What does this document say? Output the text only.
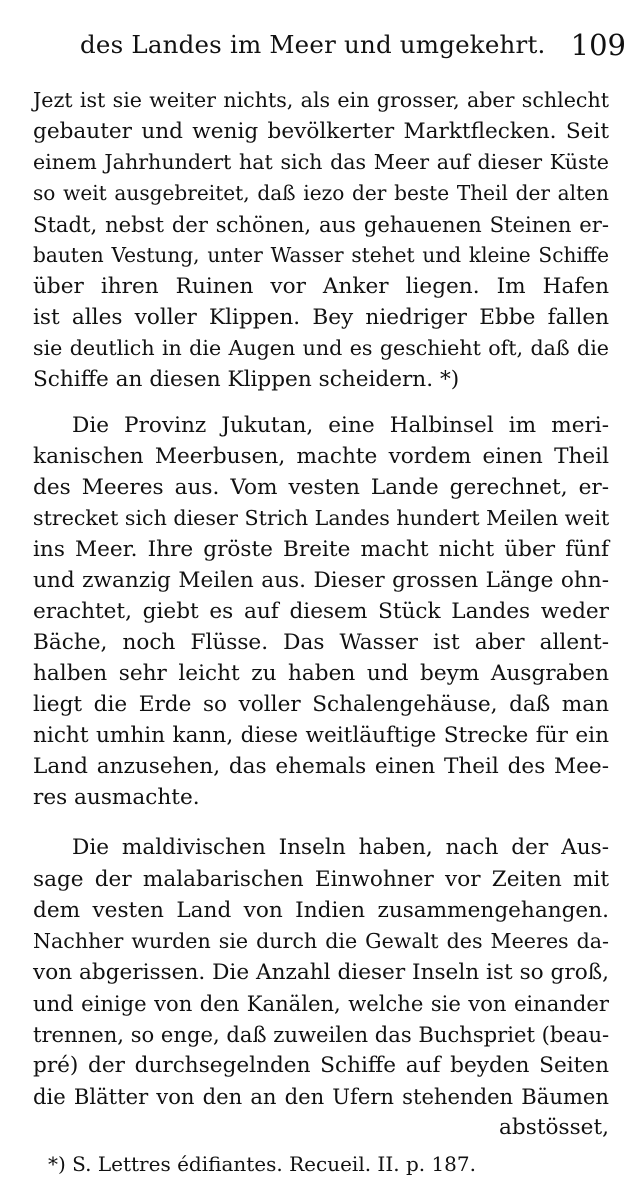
des Landes im Meer und umgekehrt. 109
Jezt ist sie weiter nichts, als ein grosser, aber schlecht
gebauter und wenig bevölkerter Marktflecken. Seit
einem Jahrhundert hat sich das Meer auf dieser Küste
so weit ausgebreitet, daß iezo der beste Theil der alten
Stadt, nebst der schönen, aus gehauenen Steinen er-
bauten Vestung, unter Wasser stehet und kleine Schiffe
über ihren Ruinen vor Anker liegen. Im Hafen
ist alles voller Klippen. Bey niedriger Ebbe fallen
sie deutlich in die Augen und es geschieht oft, daß die
Schiffe an diesen Klippen scheidern. *)
Die Provinz Jukutan, eine Halbinsel im meri-
kanischen Meerbusen, machte vordem einen Theil
des Meeres aus. Vom vesten Lande gerechnet, er-
strecket sich dieser Strich Landes hundert Meilen weit
ins Meer. Ihre gröste Breite macht nicht über fünf
und zwanzig Meilen aus. Dieser grossen Länge ohn-
erachtet, giebt es auf diesem Stück Landes weder
Bäche, noch Flüsse. Das Wasser ist aber allent-
halben sehr leicht zu haben und beym Ausgraben
liegt die Erde so voller Schalengehäuse, daß man
nicht umhin kann, diese weitläuftige Strecke für ein
Land anzusehen, das ehemals einen Theil des Mee-
res ausmachte.
Die maldivischen Inseln haben, nach der Aus-
sage der malabarischen Einwohner vor Zeiten mit
dem vesten Land von Indien zusammengehangen.
Nachher wurden sie durch die Gewalt des Meeres da-
von abgerissen. Die Anzahl dieser Inseln ist so groß,
und einige von den Kanälen, welche sie von einander
trennen, so enge, daß zuweilen das Buchspriet (beau-
pré) der durchsegelnden Schiffe auf beyden Seiten
die Blätter von den an den Ufern stehenden Bäumen
abstösset,
*) S. Lettres édifiantes. Recueil. II. p. 187.
